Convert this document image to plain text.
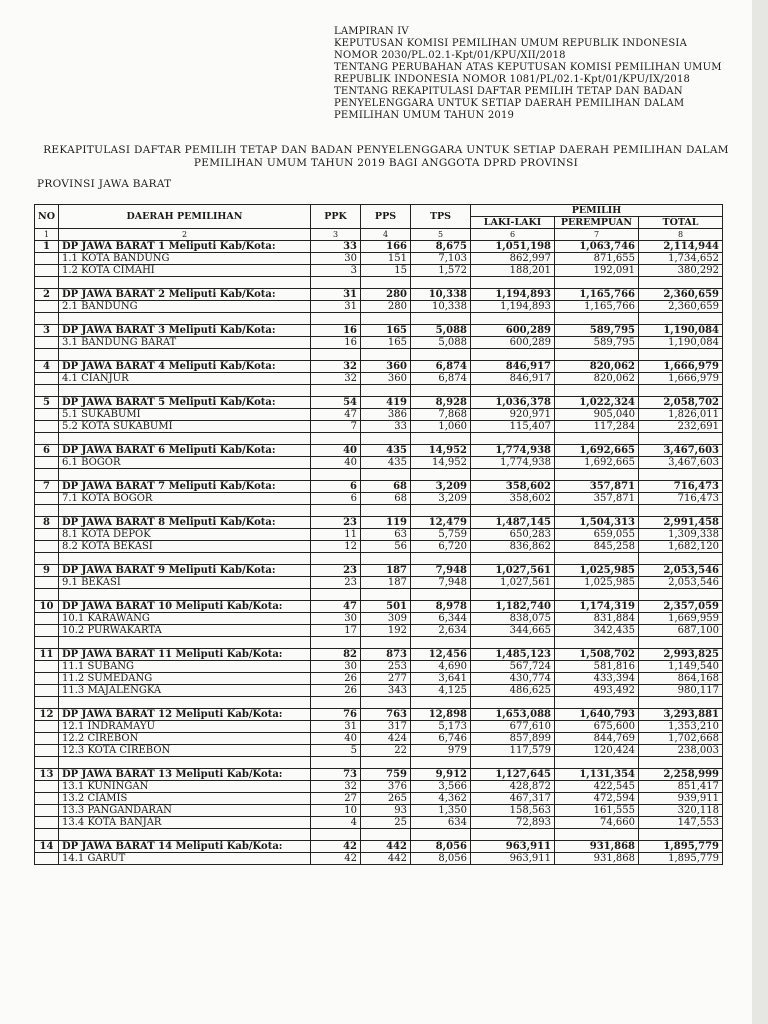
LAMPIRAN IV
KEPUTUSAN KOMISI PEMILIHAN UMUM REPUBLIK INDONESIA
NOMOR 2030/PL.02.1-Kpt/01/KPU/XII/2018
TENTANG PERUBAHAN ATAS KEPUTUSAN KOMISI PEMILIHAN UMUM
REPUBLIK INDONESIA NOMOR 1081/PL/02.1-Kpt/01/KPU/IX/2018
TENTANG REKAPITULASI DAFTAR PEMILIH TETAP DAN BADAN
PENYELENGGARA UNTUK SETIAP DAERAH PEMILIHAN DALAM
PEMILIHAN UMUM TAHUN 2019
REKAPITULASI DAFTAR PEMILIH TETAP DAN BADAN PENYELENGGARA UNTUK SETIAP DAERAH PEMILIHAN DALAM
PEMILIHAN UMUM TAHUN 2019 BAGI ANGGOTA DPRD PROVINSI
PROVINSI JAWA BARAT
NO	DAERAH PEMILIHAN	PPK	PPS	TPS	PEMILIH		
					LAKI-LAKI	PEREMPUAN	TOTAL
1	2	3	4	5	6	7	8
1	DP JAWA BARAT 1 Meliputi Kab/Kota:	33	166	8,675	1,051,198	1,063,746	2,114,944
	1.1 KOTA BANDUNG	30	151	7,103	862,997	871,655	1,734,652
	1.2 KOTA CIMAHI	3	15	1,572	188,201	192,091	380,292

2	DP JAWA BARAT 2 Meliputi Kab/Kota:	31	280	10,338	1,194,893	1,165,766	2,360,659
	2.1 BANDUNG	31	280	10,338	1,194,893	1,165,766	2,360,659

3	DP JAWA BARAT 3 Meliputi Kab/Kota:	16	165	5,088	600,289	589,795	1,190,084
	3.1 BANDUNG BARAT	16	165	5,088	600,289	589,795	1,190,084

4	DP JAWA BARAT 4 Meliputi Kab/Kota:	32	360	6,874	846,917	820,062	1,666,979
	4.1 CIANJUR	32	360	6,874	846,917	820,062	1,666,979

5	DP JAWA BARAT 5 Meliputi Kab/Kota:	54	419	8,928	1,036,378	1,022,324	2,058,702
	5.1 SUKABUMI	47	386	7,868	920,971	905,040	1,826,011
	5.2 KOTA SUKABUMI	7	33	1,060	115,407	117,284	232,691

6	DP JAWA BARAT 6 Meliputi Kab/Kota:	40	435	14,952	1,774,938	1,692,665	3,467,603
	6.1 BOGOR	40	435	14,952	1,774,938	1,692,665	3,467,603

7	DP JAWA BARAT 7 Meliputi Kab/Kota:	6	68	3,209	358,602	357,871	716,473
	7.1 KOTA BOGOR	6	68	3,209	358,602	357,871	716,473

8	DP JAWA BARAT 8 Meliputi Kab/Kota:	23	119	12,479	1,487,145	1,504,313	2,991,458
	8.1 KOTA DEPOK	11	63	5,759	650,283	659,055	1,309,338
	8.2 KOTA BEKASI	12	56	6,720	836,862	845,258	1,682,120

9	DP JAWA BARAT 9 Meliputi Kab/Kota:	23	187	7,948	1,027,561	1,025,985	2,053,546
	9.1 BEKASI	23	187	7,948	1,027,561	1,025,985	2,053,546

10	DP JAWA BARAT 10 Meliputi Kab/Kota:	47	501	8,978	1,182,740	1,174,319	2,357,059
	10.1 KARAWANG	30	309	6,344	838,075	831,884	1,669,959
	10.2 PURWAKARTA	17	192	2,634	344,665	342,435	687,100

11	DP JAWA BARAT 11 Meliputi Kab/Kota:	82	873	12,456	1,485,123	1,508,702	2,993,825
	11.1 SUBANG	30	253	4,690	567,724	581,816	1,149,540
	11.2 SUMEDANG	26	277	3,641	430,774	433,394	864,168
	11.3 MAJALENGKA	26	343	4,125	486,625	493,492	980,117

12	DP JAWA BARAT 12 Meliputi Kab/Kota:	76	763	12,898	1,653,088	1,640,793	3,293,881
	12.1 INDRAMAYU	31	317	5,173	677,610	675,600	1,353,210
	12.2 CIREBON	40	424	6,746	857,899	844,769	1,702,668
	12.3 KOTA CIREBON	5	22	979	117,579	120,424	238,003

13	DP JAWA BARAT 13 Meliputi Kab/Kota:	73	759	9,912	1,127,645	1,131,354	2,258,999
	13.1 KUNINGAN	32	376	3,566	428,872	422,545	851,417
	13.2 CIAMIS	27	265	4,362	467,317	472,594	939,911
	13.3 PANGANDARAN	10	93	1,350	158,563	161,555	320,118
	13.4 KOTA BANJAR	4	25	634	72,893	74,660	147,553

14	DP JAWA BARAT 14 Meliputi Kab/Kota:	42	442	8,056	963,911	931,868	1,895,779
	14.1 GARUT	42	442	8,056	963,911	931,868	1,895,779
